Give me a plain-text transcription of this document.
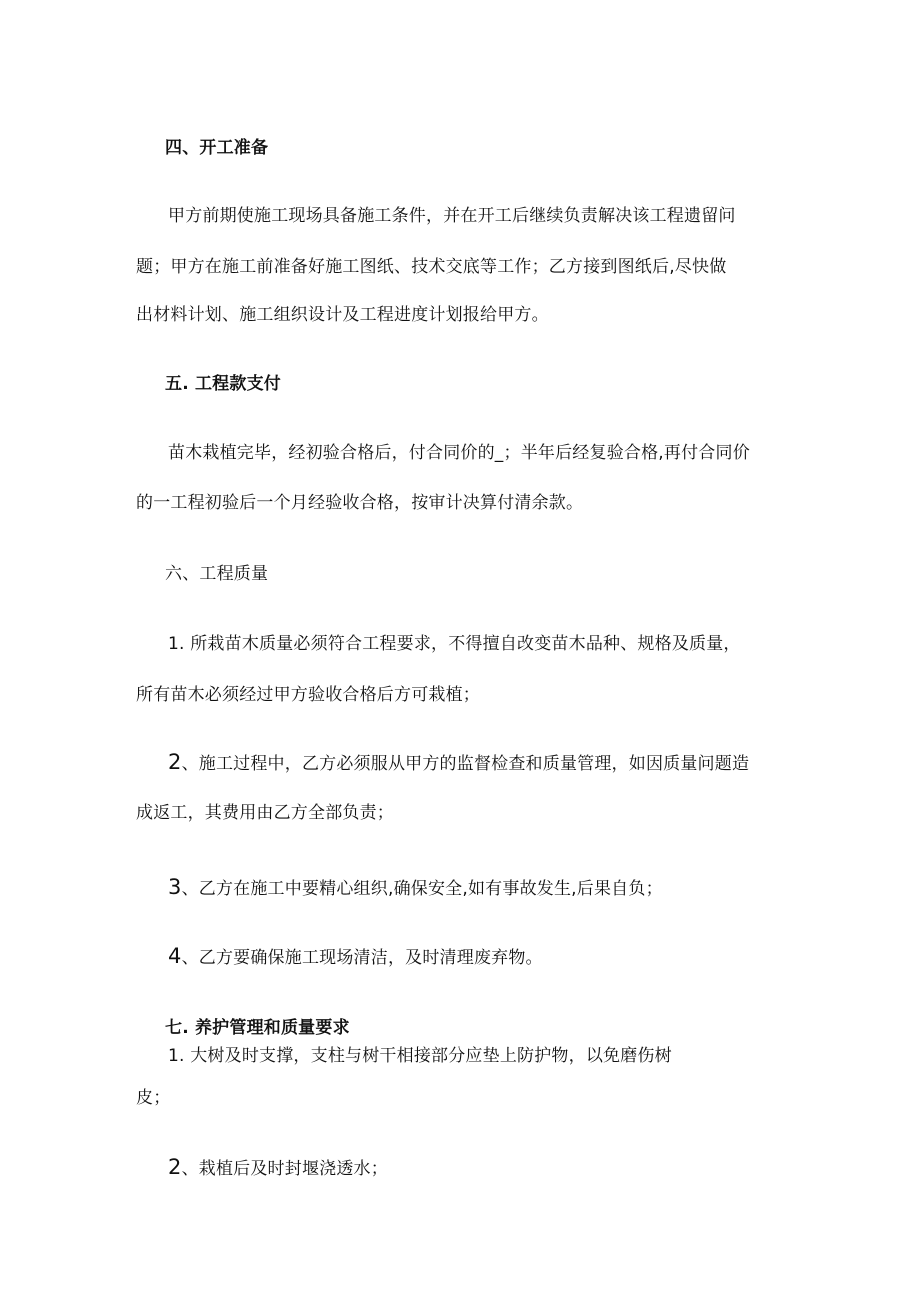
四、开工准备
甲方前期使施工现场具备施工条件，并在开工后继续负责解决该工程遗留问
题；甲方在施工前准备好施工图纸、技术交底等工作；乙方接到图纸后,尽快做
出材料计划、施工组织设计及工程进度计划报给甲方。
五. 工程款支付
苗木栽植完毕，经初验合格后，付合同价的_；半年后经复验合格,再付合同价
的一工程初验后一个月经验收合格，按审计决算付清余款。
六、工程质量
1. 所栽苗木质量必须符合工程要求，不得擅自改变苗木品种、规格及质量，
所有苗木必须经过甲方验收合格后方可栽植；
2、施工过程中，乙方必须服从甲方的监督检查和质量管理，如因质量问题造
成返工，其费用由乙方全部负责；
3、乙方在施工中要精心组织,确保安全,如有事故发生,后果自负；
4、乙方要确保施工现场清洁，及时清理废弃物。
七. 养护管理和质量要求
1. 大树及时支撑，支柱与树干相接部分应垫上防护物，以免磨伤树
皮；
2、栽植后及时封堰浇透水；
